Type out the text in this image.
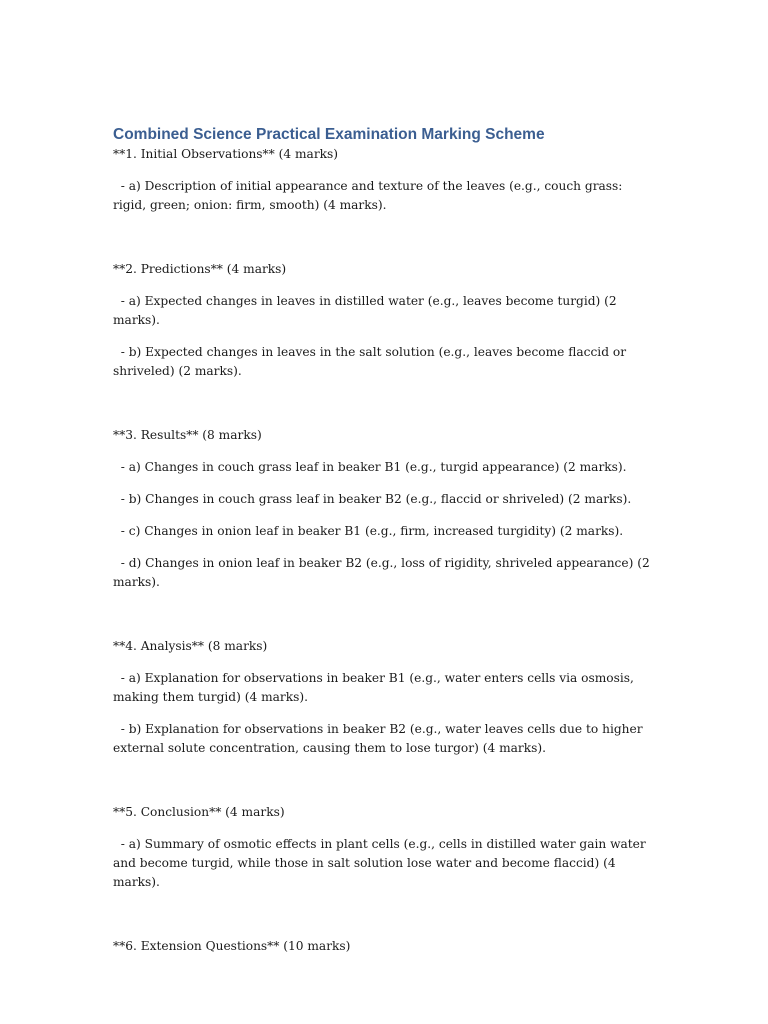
Combined Science Practical Examination Marking Scheme

**1. Initial Observations** (4 marks)

- a) Description of initial appearance and texture of the leaves (e.g., couch grass: rigid, green; onion: firm, smooth) (4 marks).

**2. Predictions** (4 marks)

- a) Expected changes in leaves in distilled water (e.g., leaves become turgid) (2 marks).

- b) Expected changes in leaves in the salt solution (e.g., leaves become flaccid or shriveled) (2 marks).

**3. Results** (8 marks)

- a) Changes in couch grass leaf in beaker B1 (e.g., turgid appearance) (2 marks).

- b) Changes in couch grass leaf in beaker B2 (e.g., flaccid or shriveled) (2 marks).

- c) Changes in onion leaf in beaker B1 (e.g., firm, increased turgidity) (2 marks).

- d) Changes in onion leaf in beaker B2 (e.g., loss of rigidity, shriveled appearance) (2 marks).

**4. Analysis** (8 marks)

- a) Explanation for observations in beaker B1 (e.g., water enters cells via osmosis, making them turgid) (4 marks).

- b) Explanation for observations in beaker B2 (e.g., water leaves cells due to higher external solute concentration, causing them to lose turgor) (4 marks).

**5. Conclusion** (4 marks)

- a) Summary of osmotic effects in plant cells (e.g., cells in distilled water gain water and become turgid, while those in salt solution lose water and become flaccid) (4 marks).

**6. Extension Questions** (10 marks)
